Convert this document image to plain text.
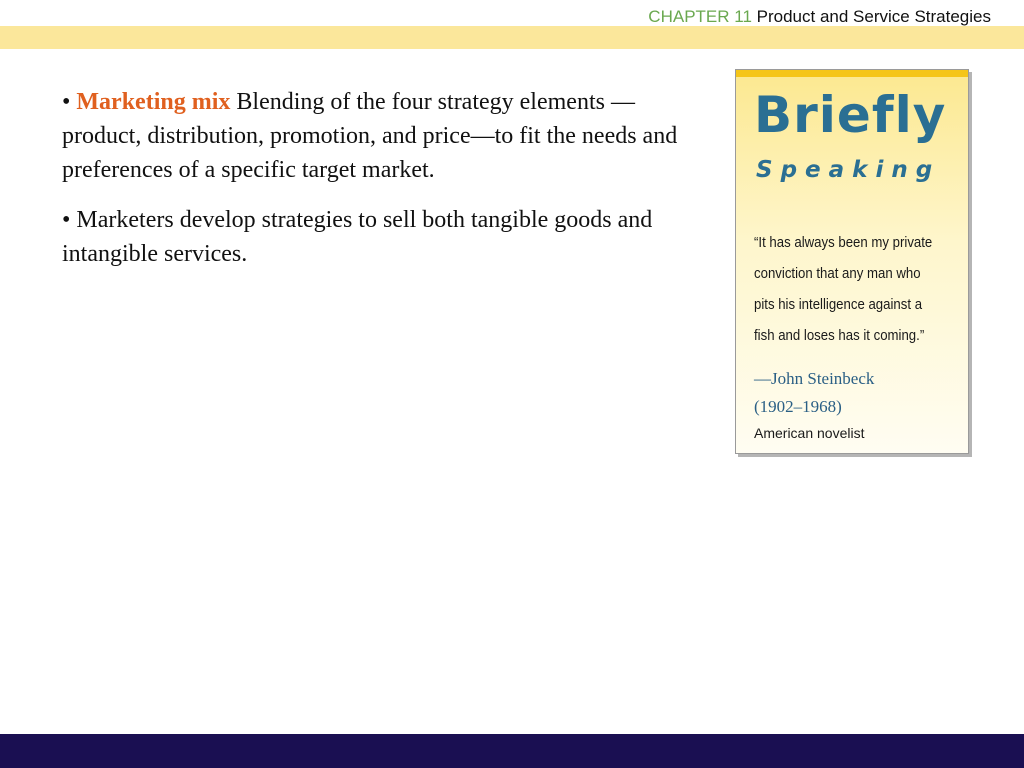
CHAPTER 11 Product and Service Strategies

• Marketing mix Blending of the four strategy elements —product, distribution, promotion, and price—to fit the needs and preferences of a specific target market.

• Marketers develop strategies to sell both tangible goods and intangible services.

Briefly
Speaking
“It has always been my private conviction that any man who pits his intelligence against a fish and loses has it coming.”
—John Steinbeck
(1902–1968)
American novelist
